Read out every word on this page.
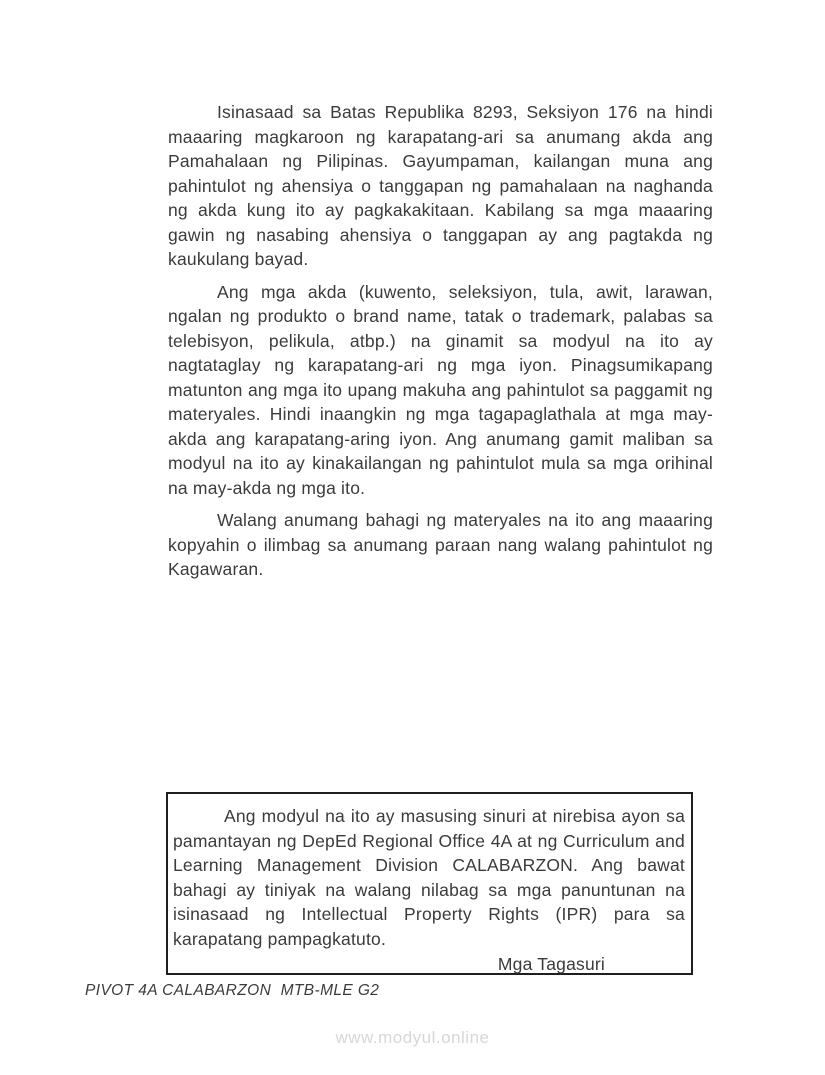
Isinasaad sa Batas Republika 8293, Seksiyon 176 na hindi maaaring magkaroon ng karapatang-ari sa anumang akda ang Pamahalaan ng Pilipinas. Gayumpaman, kailangan muna ang pahintulot ng ahensiya o tanggapan ng pamahalaan na naghanda ng akda kung ito ay pagkakakitaan. Kabilang sa mga maaaring gawin ng nasabing ahensiya o tanggapan ay ang pagtakda ng kaukulang bayad.

Ang mga akda (kuwento, seleksiyon, tula, awit, larawan, ngalan ng produkto o brand name, tatak o trademark, palabas sa telebisyon, pelikula, atbp.) na ginamit sa modyul na ito ay nagtataglay ng karapatang-ari ng mga iyon. Pinagsumikapang matunton ang mga ito upang makuha ang pahintulot sa paggamit ng materyales. Hindi inaangkin ng mga tagapaglathala at mga may-akda ang karapatang-aring iyon. Ang anumang gamit maliban sa modyul na ito ay kinakailangan ng pahintulot mula sa mga orihinal na may-akda ng mga ito.

Walang anumang bahagi ng materyales na ito ang maaaring kopyahin o ilimbag sa anumang paraan nang walang pahintulot ng Kagawaran.

Ang modyul na ito ay masusing sinuri at nirebisa ayon sa pamantayan ng DepEd Regional Office 4A at ng Curriculum and Learning Management Division CALABARZON. Ang bawat bahagi ay tiniyak na walang nilabag sa mga panuntunan na isinasaad ng Intellectual Property Rights (IPR) para sa karapatang pampagkatuto.

Mga Tagasuri
PIVOT 4A CALABARZON  MTB-MLE G2
www.modyul.online
